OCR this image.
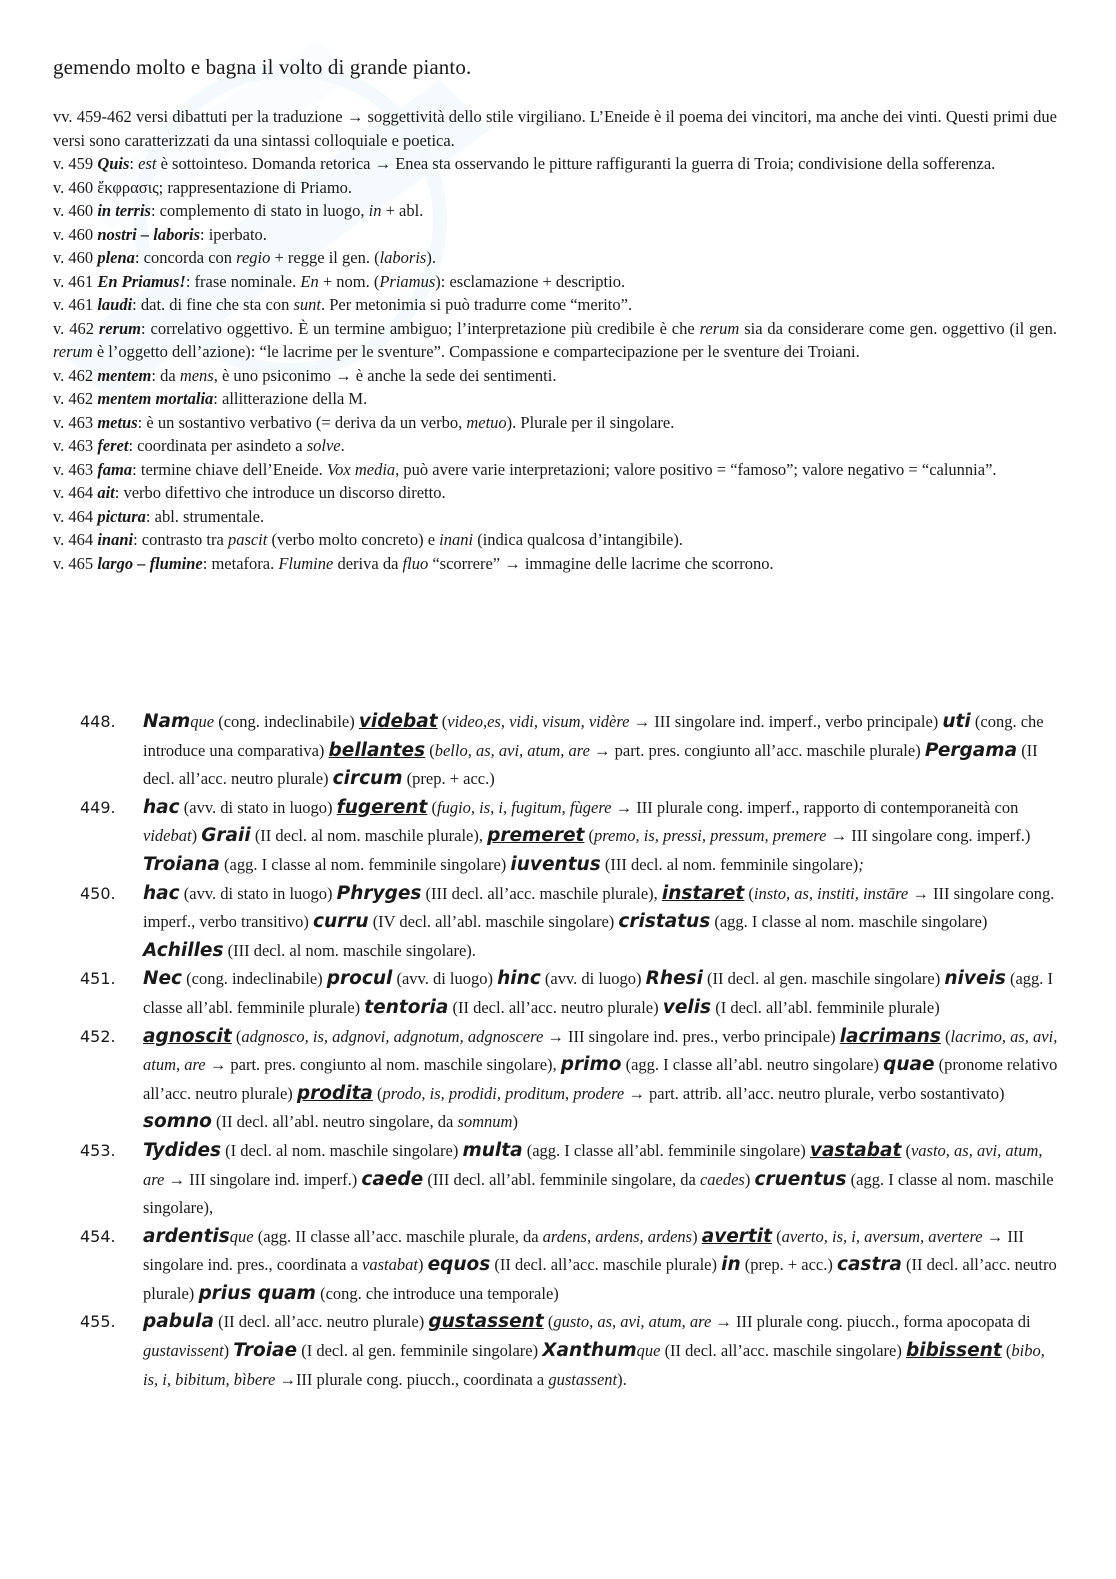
gemendo molto e bagna il volto di grande pianto.
vv. 459-462 versi dibattuti per la traduzione → soggettività dello stile virgiliano. L’Eneide è il poema dei vincitori, ma anche dei vinti. Questi primi due versi sono caratterizzati da una sintassi colloquiale e poetica.
v. 459 Quis: est è sottointeso. Domanda retorica → Enea sta osservando le pitture raffiguranti la guerra di Troia; condivisione della sofferenza.
v. 460 ἔκφρασις; rappresentazione di Priamo.
v. 460 in terris: complemento di stato in luogo, in + abl.
v. 460 nostri – laboris: iperbato.
v. 460 plena: concorda con regio + regge il gen. (laboris).
v. 461 En Priamus!: frase nominale. En + nom. (Priamus): esclamazione + descriptio.
v. 461 laudi: dat. di fine che sta con sunt. Per metonimia si può tradurre come “merito”.
v. 462 rerum: correlativo oggettivo. È un termine ambiguo; l’interpretazione più credibile è che rerum sia da considerare come gen. oggettivo (il gen. rerum è l’oggetto dell’azione): “le lacrime per le sventure”. Compassione e compartecipazione per le sventure dei Troiani.
v. 462 mentem: da mens, è uno psiconimo → è anche la sede dei sentimenti.
v. 462 mentem mortalia: allitterazione della M.
v. 463 metus: è un sostantivo verbativo (= deriva da un verbo, metuo). Plurale per il singolare.
v. 463 feret: coordinata per asindeto a solve.
v. 463 fama: termine chiave dell’Eneide. Vox media, può avere varie interpretazioni; valore positivo = “famoso”; valore negativo = “calunnia”.
v. 464 ait: verbo difettivo che introduce un discorso diretto.
v. 464 pictura: abl. strumentale.
v. 464 inani: contrasto tra pascit (verbo molto concreto) e inani (indica qualcosa d’intangibile).
v. 465 largo – flumine: metafora. Flumine deriva da fluo “scorrere” → immagine delle lacrime che scorrono.
448.	Namque (cong. indeclinabile) videbat (video,es, vidi, visum, vidère → III singolare ind. imperf., verbo principale) uti (cong. che introduce una comparativa) bellantes (bello, as, avi, atum, are → part. pres. congiunto all’acc. maschile plurale) Pergama (II decl. all’acc. neutro plurale) circum (prep. + acc.)
449.	hac (avv. di stato in luogo) fugerent (fugio, is, i, fugitum, fùgere → III plurale cong. imperf., rapporto di contemporaneità con videbat) Graii (II decl. al nom. maschile plurale), premeret (premo, is, pressi, pressum, premere → III singolare cong. imperf.) Troiana (agg. I classe al nom. femminile singolare) iuventus (III decl. al nom. femminile singolare);
450.	hac (avv. di stato in luogo) Phryges (III decl. all’acc. maschile plurale), instaret (insto, as, institi, instāre → III singolare cong. imperf., verbo transitivo) curru (IV decl. all’abl. maschile singolare) cristatus (agg. I classe al nom. maschile singolare) Achilles (III decl. al nom. maschile singolare).
451.	Nec (cong. indeclinabile) procul (avv. di luogo) hinc (avv. di luogo) Rhesi (II decl. al gen. maschile singolare) niveis (agg. I classe all’abl. femminile plurale) tentoria (II decl. all’acc. neutro plurale) velis (I decl. all’abl. femminile plurale)
452.	agnoscit (adgnosco, is, adgnovi, adgnotum, adgnoscere → III singolare ind. pres., verbo principale) lacrimans (lacrimo, as, avi, atum, are → part. pres. congiunto al nom. maschile singolare), primo (agg. I classe all’abl. neutro singolare) quae (pronome relativo all’acc. neutro plurale) prodita (prodo, is, prodidi, proditum, prodere → part. attrib. all’acc. neutro plurale, verbo sostantivato) somno (II decl. all’abl. neutro singolare, da somnum)
453.	Tydides (I decl. al nom. maschile singolare) multa (agg. I classe all’abl. femminile singolare) vastabat (vasto, as, avi, atum, are → III singolare ind. imperf.) caede (III decl. all’abl. femminile singolare, da caedes) cruentus (agg. I classe al nom. maschile singolare),
454.	ardentisque (agg. II classe all’acc. maschile plurale, da ardens, ardens, ardens) avertit (averto, is, i, aversum, avertere → III singolare ind. pres., coordinata a vastabat) equos (II decl. all’acc. maschile plurale) in (prep. + acc.) castra (II decl. all’acc. neutro plurale) prius quam (cong. che introduce una temporale)
455.	pabula (II decl. all’acc. neutro plurale) gustassent (gusto, as, avi, atum, are → III plurale cong. piucch., forma apocopata di gustavissent) Troiae (I decl. al gen. femminile singolare) Xanthumque (II decl. all’acc. maschile singolare) bibissent (bibo, is, i, bibitum, bìbere →III plurale cong. piucch., coordinata a gustassent).
